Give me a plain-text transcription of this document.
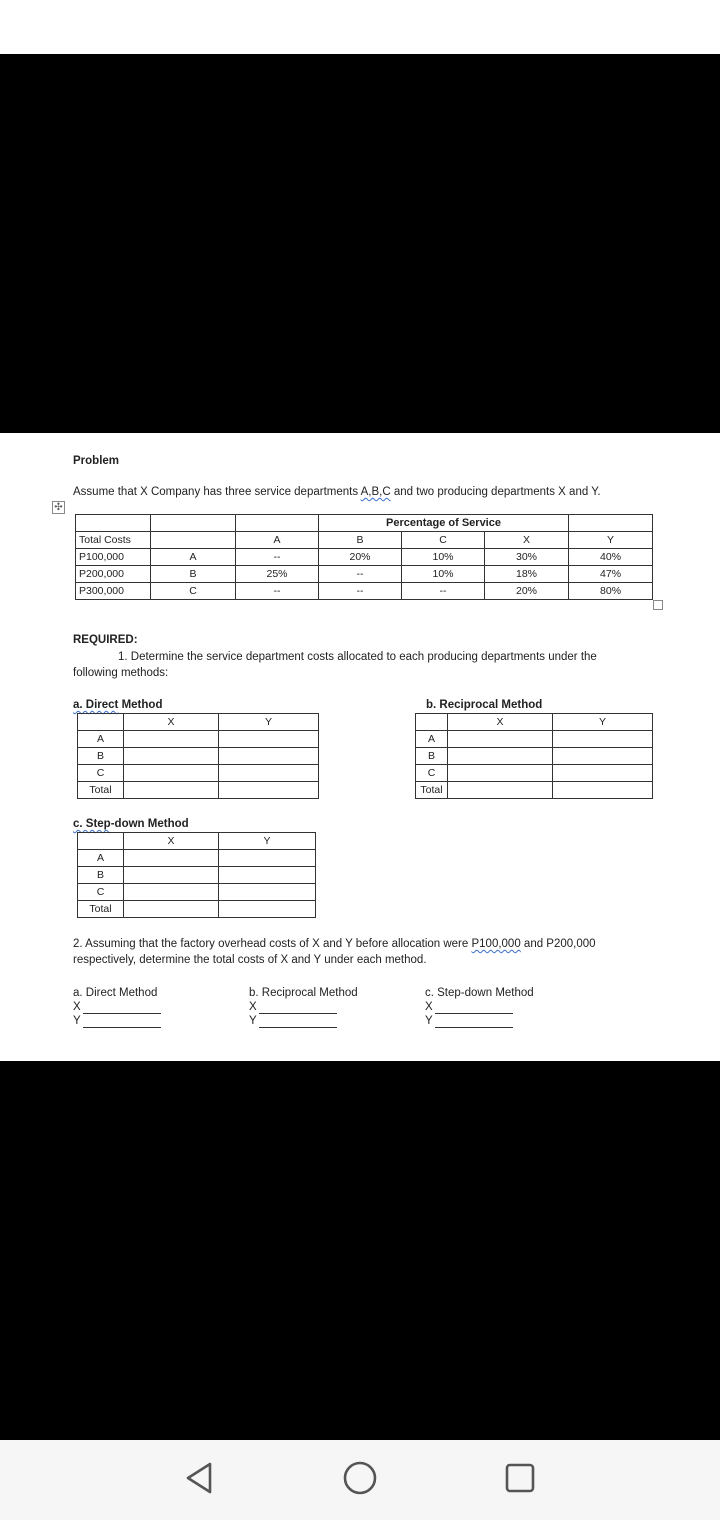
Problem
Assume that X Company has three service departments A,B,C and two producing departments X and Y.
✣
			Percentage of Service			
Total Costs		A	B	C	X	Y
P100,000	A	--	20%	10%	30%	40%
P200,000	B	25%	--	10%	18%	47%
P300,000	C	--	--	--	20%	80%
REQUIRED:
1. Determine the service department costs allocated to each producing departments under the
following methods:
a. Direct Method
	X	Y
A		
B		
C		
Total		
b. Reciprocal Method
	X	Y
A		
B		
C		
Total		
c. Step-down Method
	X	Y
A		
B		
C		
Total		
2. Assuming that the factory overhead costs of X and Y before allocation were P100,000 and P200,000
respectively, determine the total costs of X and Y under each method.
a. Direct Method
X
Y
b. Reciprocal Method
X
Y
c. Step-down Method
X
Y
